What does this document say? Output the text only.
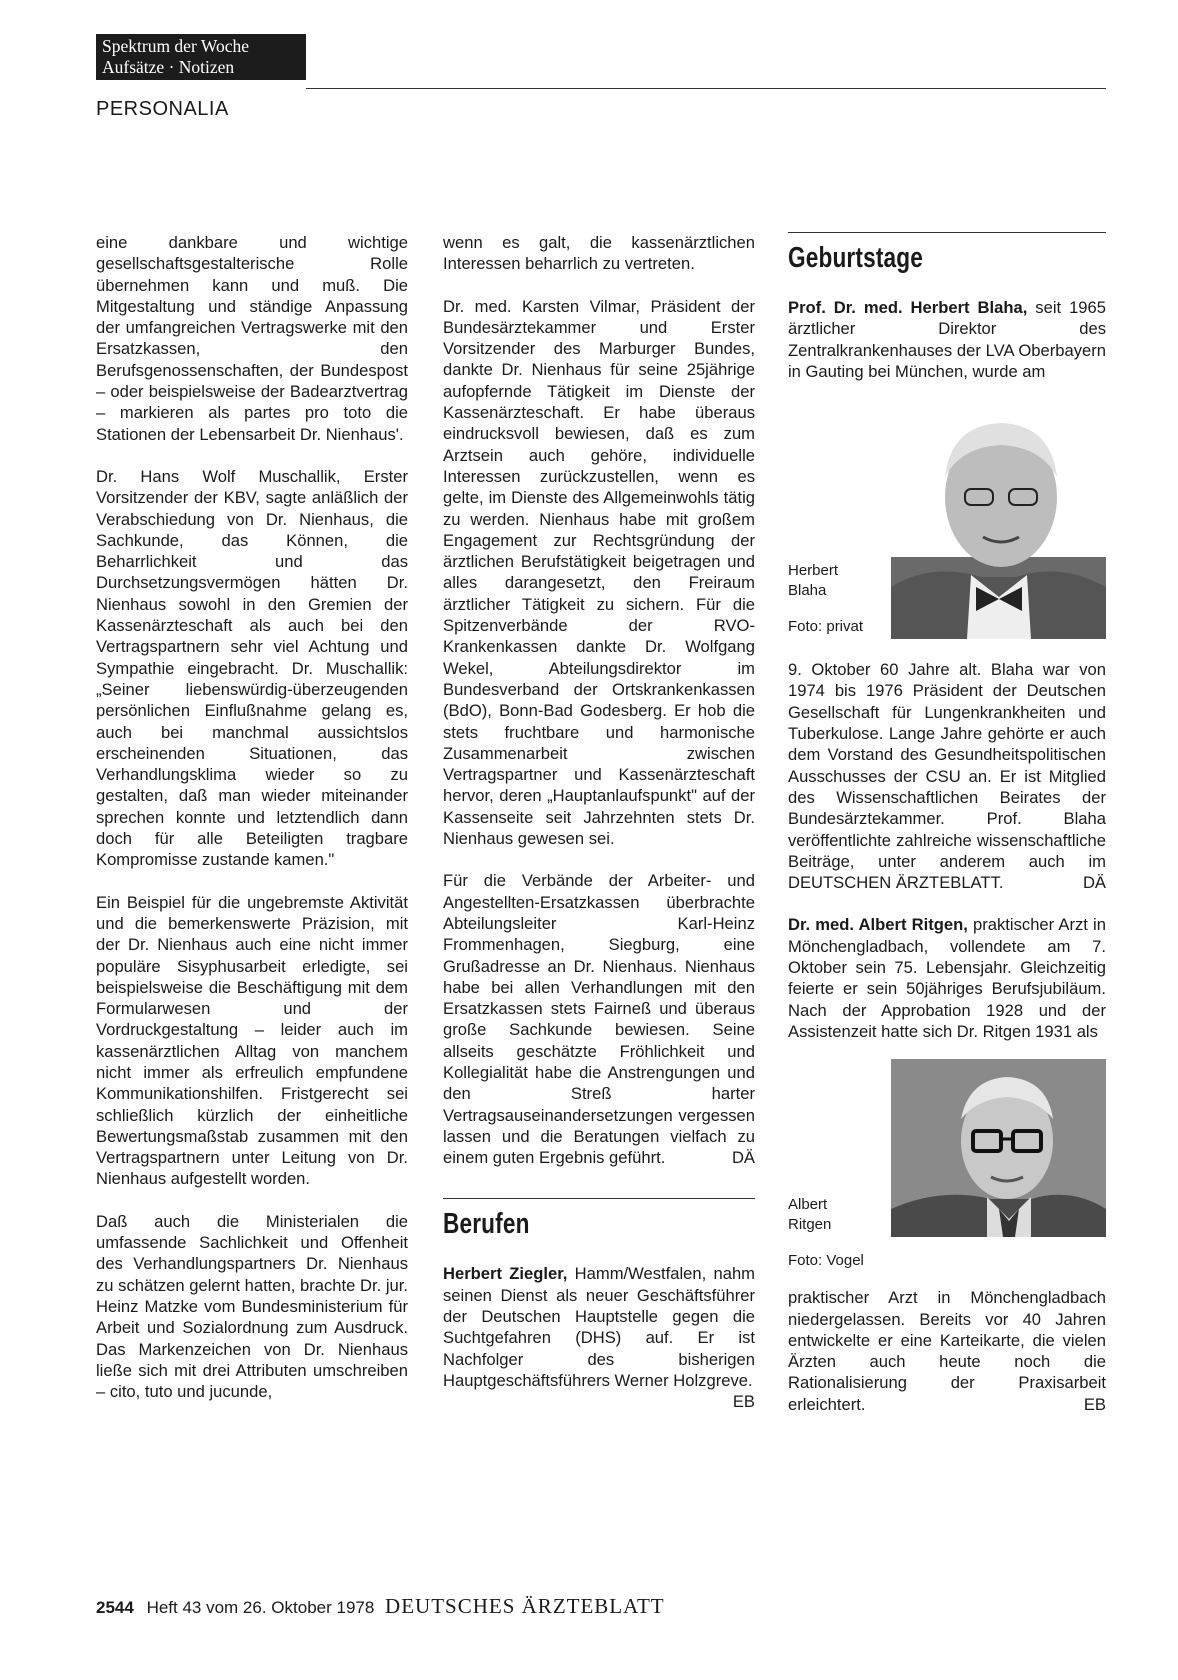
Spektrum der Woche
Aufsätze · Notizen
PERSONALIA

eine dankbare und wichtige gesellschaftsgestalterische Rolle übernehmen kann und muß. Die Mitgestaltung und ständige Anpassung der umfangreichen Vertragswerke mit den Ersatzkassen, den Berufsgenossenschaften, der Bundespost – oder beispielsweise der Badearztvertrag – markieren als partes pro toto die Stationen der Lebensarbeit Dr. Nienhaus'.

Dr. Hans Wolf Muschallik, Erster Vorsitzender der KBV, sagte anläßlich der Verabschiedung von Dr. Nienhaus, die Sachkunde, das Können, die Beharrlichkeit und das Durchsetzungsvermögen hätten Dr. Nienhaus sowohl in den Gremien der Kassenärzteschaft als auch bei den Vertragspartnern sehr viel Achtung und Sympathie eingebracht. Dr. Muschallik: „Seiner liebenswürdig-überzeugenden persönlichen Einflußnahme gelang es, auch bei manchmal aussichtslos erscheinenden Situationen, das Verhandlungsklima wieder so zu gestalten, daß man wieder miteinander sprechen konnte und letztendlich dann doch für alle Beteiligten tragbare Kompromisse zustande kamen."

Ein Beispiel für die ungebremste Aktivität und die bemerkenswerte Präzision, mit der Dr. Nienhaus auch eine nicht immer populäre Sisyphusarbeit erledigte, sei beispielsweise die Beschäftigung mit dem Formularwesen und der Vordruckgestaltung – leider auch im kassenärztlichen Alltag von manchem nicht immer als erfreulich empfundene Kommunikationshilfen. Fristgerecht sei schließlich kürzlich der einheitliche Bewertungsmaßstab zusammen mit den Vertragspartnern unter Leitung von Dr. Nienhaus aufgestellt worden.

Daß auch die Ministerialen die umfassende Sachlichkeit und Offenheit des Verhandlungspartners Dr. Nienhaus zu schätzen gelernt hatten, brachte Dr. jur. Heinz Matzke vom Bundesministerium für Arbeit und Sozialordnung zum Ausdruck. Das Markenzeichen von Dr. Nienhaus ließe sich mit drei Attributen umschreiben – cito, tuto und jucunde,

wenn es galt, die kassenärztlichen Interessen beharrlich zu vertreten.

Dr. med. Karsten Vilmar, Präsident der Bundesärztekammer und Erster Vorsitzender des Marburger Bundes, dankte Dr. Nienhaus für seine 25jährige aufopfernde Tätigkeit im Dienste der Kassenärzteschaft. Er habe überaus eindrucksvoll bewiesen, daß es zum Arztsein auch gehöre, individuelle Interessen zurückzustellen, wenn es gelte, im Dienste des Allgemeinwohls tätig zu werden. Nienhaus habe mit großem Engagement zur Rechtsgründung der ärztlichen Berufstätigkeit beigetragen und alles darangesetzt, den Freiraum ärztlicher Tätigkeit zu sichern. Für die Spitzenverbände der RVO-Krankenkassen dankte Dr. Wolfgang Wekel, Abteilungsdirektor im Bundesverband der Ortskrankenkassen (BdO), Bonn-Bad Godesberg. Er hob die stets fruchtbare und harmonische Zusammenarbeit zwischen Vertragspartner und Kassenärzteschaft hervor, deren „Hauptanlaufspunkt" auf der Kassenseite seit Jahrzehnten stets Dr. Nienhaus gewesen sei.

Für die Verbände der Arbeiter- und Angestellten-Ersatzkassen überbrachte Abteilungsleiter Karl-Heinz Frommenhagen, Siegburg, eine Grußadresse an Dr. Nienhaus. Nienhaus habe bei allen Verhandlungen mit den Ersatzkassen stets Fairneß und überaus große Sachkunde bewiesen. Seine allseits geschätzte Fröhlichkeit und Kollegialität habe die Anstrengungen und den Streß harter Vertragsauseinandersetzungen vergessen lassen und die Beratungen vielfach zu einem guten Ergebnis geführt.	DÄ

Berufen

Herbert Ziegler, Hamm/Westfalen, nahm seinen Dienst als neuer Geschäftsführer der Deutschen Hauptstelle gegen die Suchtgefahren (DHS) auf. Er ist Nachfolger des bisherigen Hauptgeschäftsführers Werner Holzgreve.
EB

Geburtstage

Prof. Dr. med. Herbert Blaha, seit 1965 ärztlicher Direktor des Zentralkrankenhauses der LVA Oberbayern in Gauting bei München, wurde am

Herbert
Blaha
Foto: privat

9. Oktober 60 Jahre alt. Blaha war von 1974 bis 1976 Präsident der Deutschen Gesellschaft für Lungenkrankheiten und Tuberkulose. Lange Jahre gehörte er auch dem Vorstand des Gesundheitspolitischen Ausschusses der CSU an. Er ist Mitglied des Wissenschaftlichen Beirates der Bundesärztekammer. Prof. Blaha veröffentlichte zahlreiche wissenschaftliche Beiträge, unter anderem auch im DEUTSCHEN ÄRZTEBLATT.	DÄ

Dr. med. Albert Ritgen, praktischer Arzt in Mönchengladbach, vollendete am 7. Oktober sein 75. Lebensjahr. Gleichzeitig feierte er sein 50jähriges Berufsjubiläum. Nach der Approbation 1928 und der Assistenzeit hatte sich Dr. Ritgen 1931 als

Albert
Ritgen
Foto: Vogel

praktischer Arzt in Mönchengladbach niedergelassen. Bereits vor 40 Jahren entwickelte er eine Karteikarte, die vielen Ärzten auch heute noch die Rationalisierung der Praxisarbeit erleichtert.	EB

2544 Heft 43 vom 26. Oktober 1978 DEUTSCHES ÄRZTEBLATT
